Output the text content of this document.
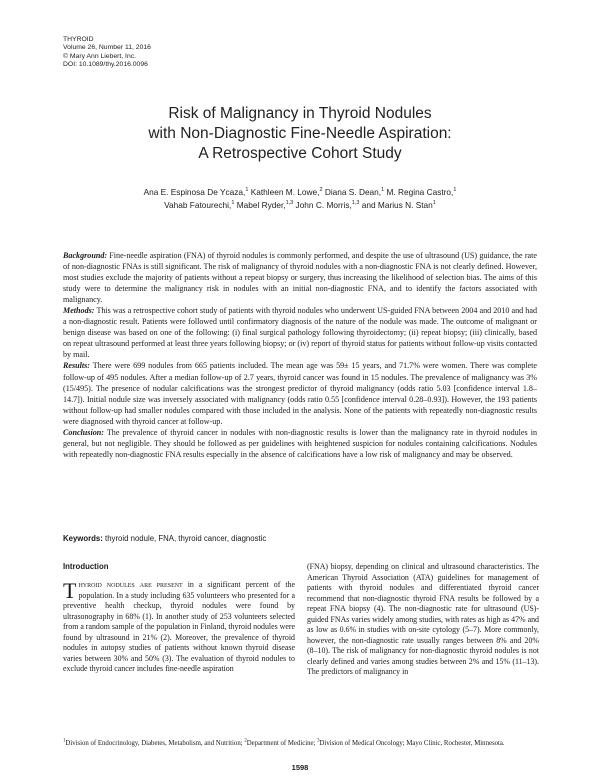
THYROID
Volume 26, Number 11, 2016
© Mary Ann Liebert, Inc.
DOI: 10.1089/thy.2016.0096
Risk of Malignancy in Thyroid Nodules
with Non-Diagnostic Fine-Needle Aspiration:
A Retrospective Cohort Study
Ana E. Espinosa De Ycaza,$^1$ Kathleen M. Lowe,$^2$ Diana S. Dean,$^1$ M. Regina Castro,$^1$
Vahab Fatourechi,$^1$ Mabel Ryder,$^{1,3}$ John C. Morris,$^{1,3}$ and Marius N. Stan$^1$

Background: Fine-needle aspiration (FNA) of thyroid nodules is commonly performed, and despite the use of ultrasound (US) guidance, the rate of non-diagnostic FNAs is still significant. The risk of malignancy of thyroid nodules with a non-diagnostic FNA is not clearly defined. However, most studies exclude the majority of patients without a repeat biopsy or surgery, thus increasing the likelihood of selection bias. The aims of this study were to determine the malignancy risk in nodules with an initial non-diagnostic FNA, and to identify the factors associated with malignancy.

Methods: This was a retrospective cohort study of patients with thyroid nodules who underwent US-guided FNA between 2004 and 2010 and had a non-diagnostic result. Patients were followed until confirmatory diagnosis of the nature of the nodule was made. The outcome of malignant or benign disease was based on one of the following: (i) final surgical pathology following thyroidectomy; (ii) repeat biopsy; (iii) clinically, based on repeat ultrasound performed at least three years following biopsy; or (iv) report of thyroid status for patients without follow-up visits contacted by mail.

Results: There were 699 nodules from 665 patients included. The mean age was 59± 15 years, and 71.7% were women. There was complete follow-up of 495 nodules. After a median follow-up of 2.7 years, thyroid cancer was found in 15 nodules. The prevalence of malignancy was 3% (15/495). The presence of nodular calcifications was the strongest predictor of thyroid malignancy (odds ratio 5.03 [confidence interval 1.8–14.7]). Initial nodule size was inversely associated with malignancy (odds ratio 0.55 [confidence interval 0.28–0.93]). However, the 193 patients without follow-up had smaller nodules compared with those included in the analysis. None of the patients with repeatedly non-diagnostic results were diagnosed with thyroid cancer at follow-up.

Conclusion: The prevalence of thyroid cancer in nodules with non-diagnostic results is lower than the malignancy rate in thyroid nodules in general, but not negligible. They should be followed as per guidelines with heightened suspicion for nodules containing calcifications. Nodules with repeatedly non-diagnostic FNA results especially in the absence of calcifications have a low risk of malignancy and may be observed.

Keywords: thyroid nodule, FNA, thyroid cancer, diagnostic
Introduction

Thyroid nodules are present in a significant percent of the population. In a study including 635 volunteers who presented for a preventive health checkup, thyroid nodules were found by ultrasonography in 68% (1). In another study of 253 volunteers selected from a random sample of the population in Finland, thyroid nodules were found by ultrasound in 21% (2). Moreover, the prevalence of thyroid nodules in autopsy studies of patients without known thyroid disease varies between 30% and 50% (3). The evaluation of thyroid nodules to exclude thyroid cancer includes fine-needle aspiration

(FNA) biopsy, depending on clinical and ultrasound characteristics. The American Thyroid Association (ATA) guidelines for management of patients with thyroid nodules and differentiated thyroid cancer recommend that non-diagnostic thyroid FNA results be followed by a repeat FNA biopsy (4). The non-diagnostic rate for ultrasound (US)-guided FNAs varies widely among studies, with rates as high as 47% and as low as 0.6% in studies with on-site cytology (5–7). More commonly, however, the non-diagnostic rate usually ranges between 8% and 20% (8–10). The risk of malignancy for non-diagnostic thyroid nodules is not clearly defined and varies among studies between 2% and 15% (11–13). The predictors of malignancy in

$^1$Division of Endocrinology, Diabetes, Metabolism, and Nutrition; $^2$Department of Medicine; $^3$Division of Medical Oncology; Mayo Clinic, Rochester, Minnesota.
1598
